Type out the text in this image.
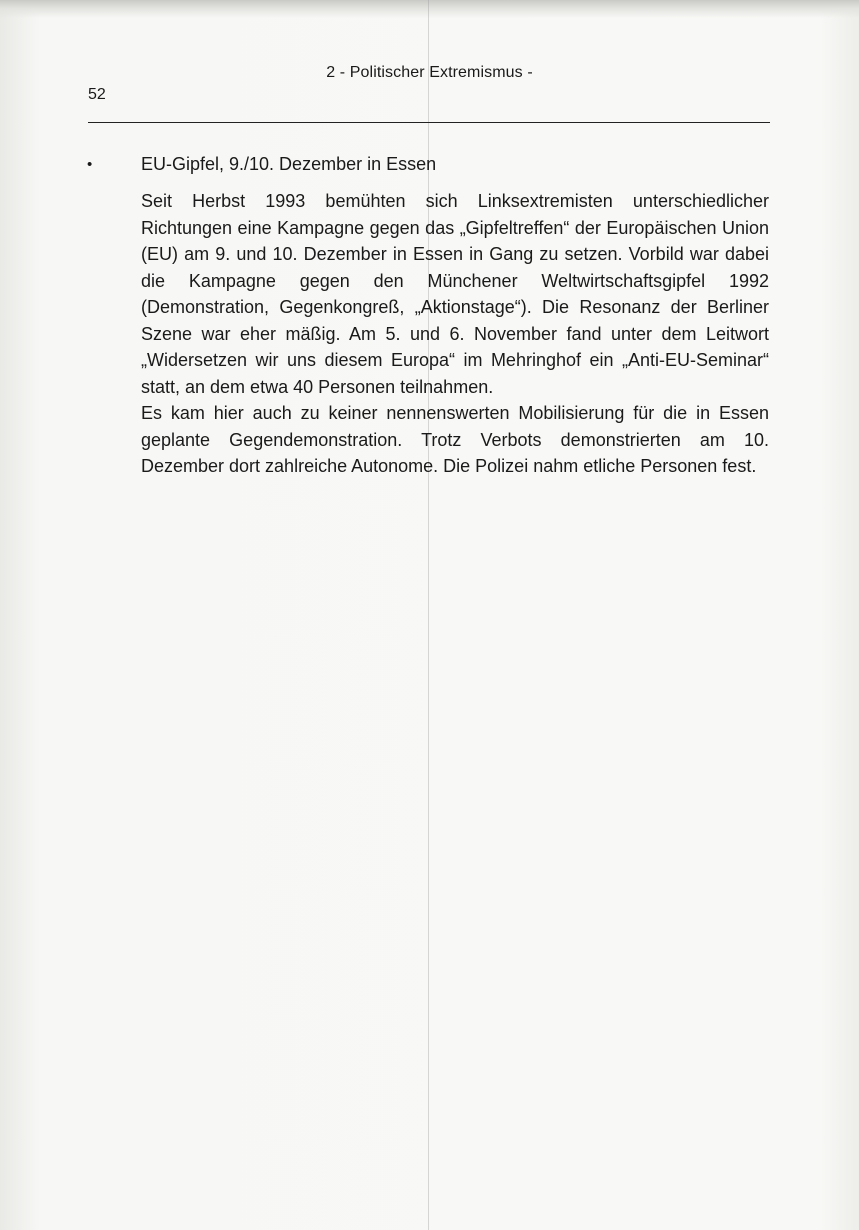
2 - Politischer Extremismus -
52
•	EU-Gipfel, 9./10. Dezember in Essen

Seit Herbst 1993 bemühten sich Linksextremisten unterschiedlicher Richtungen eine Kampagne gegen das „Gipfeltreffen“ der Europäischen Union (EU) am 9. und 10. Dezember in Essen in Gang zu setzen. Vorbild war dabei die Kampagne gegen den Münchener Weltwirtschaftsgipfel 1992 (Demonstration, Gegenkongreß, „Aktionstage“). Die Resonanz der Berliner Szene war eher mäßig. Am 5. und 6. November fand unter dem Leitwort „Widersetzen wir uns diesem Europa“ im Mehringhof ein „Anti-EU-Seminar“ statt, an dem etwa 40 Personen teilnahmen.

Es kam hier auch zu keiner nennenswerten Mobilisierung für die in Essen geplante Gegendemonstration. Trotz Verbots demonstrierten am 10. Dezember dort zahlreiche Autonome. Die Polizei nahm etliche Personen fest.
